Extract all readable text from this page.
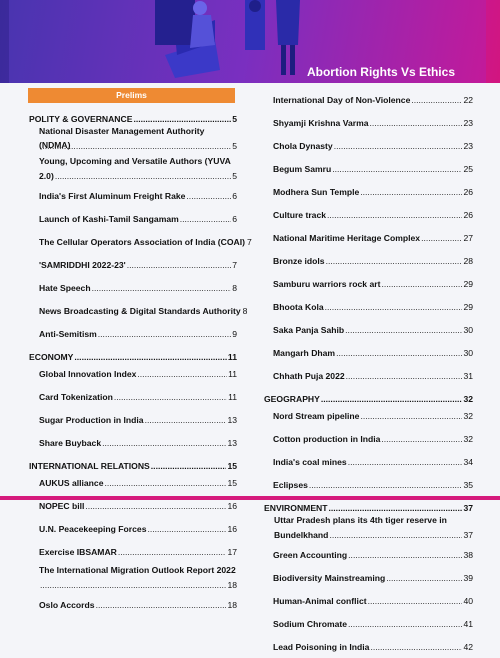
Abortion Rights Vs Ethics
Prelims
POLITY & GOVERNANCE .....	5
National Disaster Management Authority (NDMA) .....	5
Young, Upcoming and Versatile Authors (YUVA
2.0) .....	5
India's First Aluminum Freight Rake .....	6
Launch of Kashi-Tamil Sangamam .....	6
The Cellular Operators Association of India (COAI) 7
'SAMRIDDHI 2022-23' .....	7
Hate Speech .....	8
News Broadcasting & Digital Standards Authority 8
Anti-Semitism .....	9
ECONOMY .....	11
Global Innovation Index .....	11
Card Tokenization .....	11
Sugar Production in India .....	13
Share Buyback .....	13
INTERNATIONAL RELATIONS .....	15
AUKUS alliance .....	15
NOPEC bill .....	16
U.N. Peacekeeping Forces .....	16
Exercise IBSAMAR .....	17
The International Migration Outlook Report 2022
.....
18
Oslo Accords .....	18
International Day of Non-Violence .....	22
Shyamji Krishna Varma .....	23
Chola Dynasty .....	23
Begum Samru .....	25
Modhera Sun Temple .....	26
Culture track .....	26
National Maritime Heritage Complex .....	27
Bronze idols .....	28
Samburu warriors rock art .....	29
Bhoota Kola .....	29
Saka Panja Sahib .....	30
Mangarh Dham .....	30
Chhath Puja 2022 .....	31
GEOGRAPHY .....	32
Nord Stream pipeline .....	32
Cotton production in India .....	32
India's coal mines .....	34
Eclipses .....	35
ENVIRONMENT .....	37
Uttar Pradesh plans its 4th tiger reserve in
Bundelkhand .....	37
Green Accounting .....	38
Biodiversity Mainstreaming .....	39
Human-Animal conflict .....	40
Sodium Chromate .....	41
Lead Poisoning in India .....	42
